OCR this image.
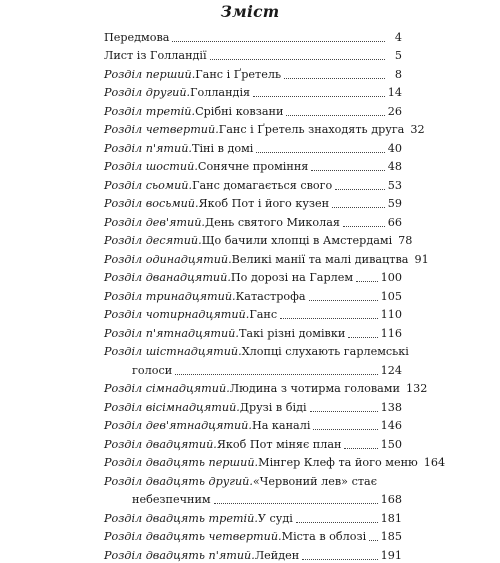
Зміст
Передмова	4
Лист із Голландії	5
Розділ перший. Ганс і Ґретель	8
Розділ другий. Голландія	14
Розділ третій. Срібні ковзани	26
Розділ четвертий. Ганс і Ґретель знаходять друга 32
Розділ п'ятий. Тіні в домі	40
Розділ шостий. Сонячне проміння	48
Розділ сьомий. Ганс домагається свого	53
Розділ восьмий. Якоб Пот і його кузен	59
Розділ дев'ятий. День святого Миколая	66
Розділ десятий. Що бачили хлопці в Амстердамі 78
Розділ одинадцятий. Великі манії та малі дивацтва 91
Розділ дванадцятий. По дорозі на Гарлем 100
Розділ тринадцятий. Катастрофа	105
Розділ чотирнадцятий. Ганс	110
Розділ п'ятнадцятий. Такі різні домівки	116
Розділ шістнадцятий. Хлопці слухають гарлемські
голоси	124
Розділ сімнадцятий. Людина з чотирма головами 132
Розділ вісімнадцятий. Друзі в біді	138
Розділ дев'ятнадцятий. На каналі	146
Розділ двадцятий. Якоб Пот міняє план	150
Розділ двадцять перший. Мінгер Клеф та його меню 164
Розділ двадцять другий. «Червоний лев» стає
небезпечним	168
Розділ двадцять третій. У суді	181
Розділ двадцять четвертий. Міста в облозі 185
Розділ двадцять п'ятий. Лейден	191
